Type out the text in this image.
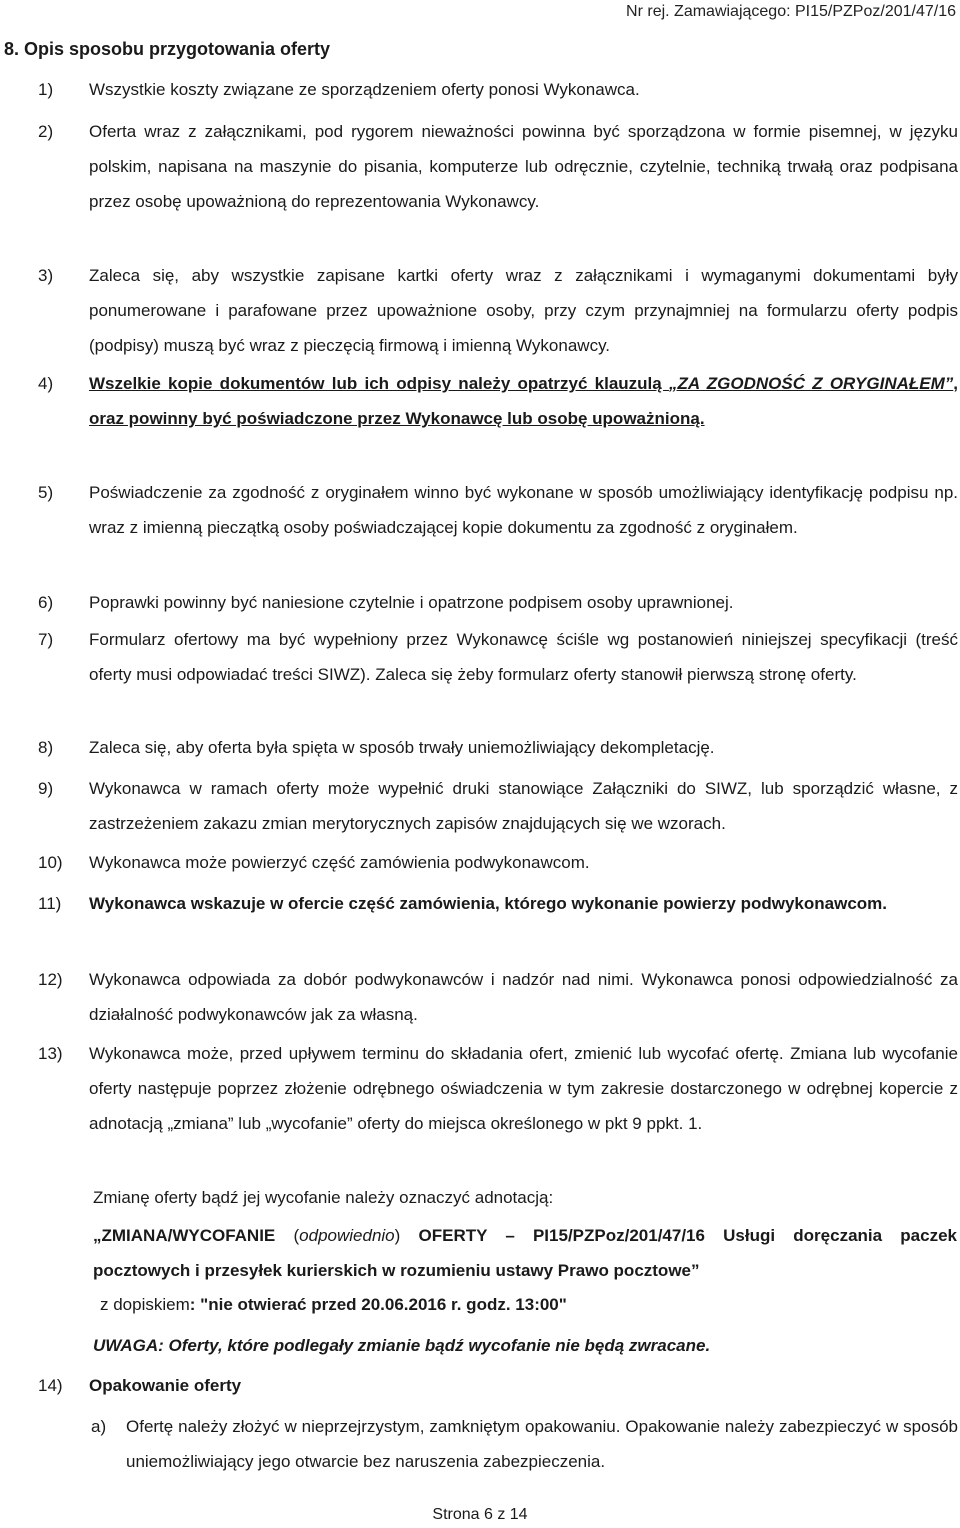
Nr rej. Zamawiającego: PI15/PZPoz/201/47/16
8. Opis sposobu przygotowania oferty
1) Wszystkie koszty związane ze sporządzeniem oferty ponosi Wykonawca.
2) Oferta wraz z załącznikami, pod rygorem nieważności powinna być sporządzona w formie pisemnej, w języku polskim, napisana na maszynie do pisania, komputerze lub odręcznie, czytelnie, techniką trwałą oraz podpisana przez osobę upoważnioną do reprezentowania Wykonawcy.
3) Zaleca się, aby wszystkie zapisane kartki oferty wraz z załącznikami i wymaganymi dokumentami były ponumerowane i parafowane przez upoważnione osoby, przy czym przynajmniej na formularzu oferty podpis (podpisy) muszą być wraz z pieczęcią firmową i imienną Wykonawcy.
4) Wszelkie kopie dokumentów lub ich odpisy należy opatrzyć klauzulą „ZA ZGODNOŚĆ Z ORYGINAŁEM”, oraz powinny być poświadczone przez Wykonawcę lub osobę upoważnioną.
5) Poświadczenie za zgodność z oryginałem winno być wykonane w sposób umożliwiający identyfikację podpisu np. wraz z imienną pieczątką osoby poświadczającej kopie dokumentu za zgodność z oryginałem.
6) Poprawki powinny być naniesione czytelnie i opatrzone podpisem osoby uprawnionej.
7) Formularz ofertowy ma być wypełniony przez Wykonawcę ściśle wg postanowień niniejszej specyfikacji (treść oferty musi odpowiadać treści SIWZ). Zaleca się żeby formularz oferty stanowił pierwszą stronę oferty.
8) Zaleca się, aby oferta była spięta w sposób trwały uniemożliwiający dekompletację.
9) Wykonawca w ramach oferty może wypełnić druki stanowiące Załączniki do SIWZ, lub sporządzić własne, z zastrzeżeniem zakazu zmian merytorycznych zapisów znajdujących się we wzorach.
10) Wykonawca może powierzyć część zamówienia podwykonawcom.
11) Wykonawca wskazuje w ofercie część zamówienia, którego wykonanie powierzy podwykonawcom.
12) Wykonawca odpowiada za dobór podwykonawców i nadzór nad nimi. Wykonawca ponosi odpowiedzialność za działalność podwykonawców jak za własną.
13) Wykonawca może, przed upływem terminu do składania ofert, zmienić lub wycofać ofertę. Zmiana lub wycofanie oferty następuje poprzez złożenie odrębnego oświadczenia w tym zakresie dostarczonego w odrębnej kopercie z adnotacją „zmiana” lub „wycofanie” oferty do miejsca określonego w pkt 9 ppkt. 1.
Zmianę oferty bądź jej wycofanie należy oznaczyć adnotacją:
„ZMIANA/WYCOFANIE (odpowiednio) OFERTY – PI15/PZPoz/201/47/16 Usługi doręczania paczek pocztowych i przesyłek kurierskich w rozumieniu ustawy Prawo pocztowe”
z dopiskiem: "nie otwierać przed 20.06.2016 r. godz. 13:00"
UWAGA: Oferty, które podlegały zmianie bądź wycofanie nie będą zwracane.
14) Opakowanie oferty
a) Ofertę należy złożyć w nieprzejrzystym, zamkniętym opakowaniu. Opakowanie należy zabezpieczyć w sposób uniemożliwiający jego otwarcie bez naruszenia zabezpieczenia.
Strona 6 z 14
